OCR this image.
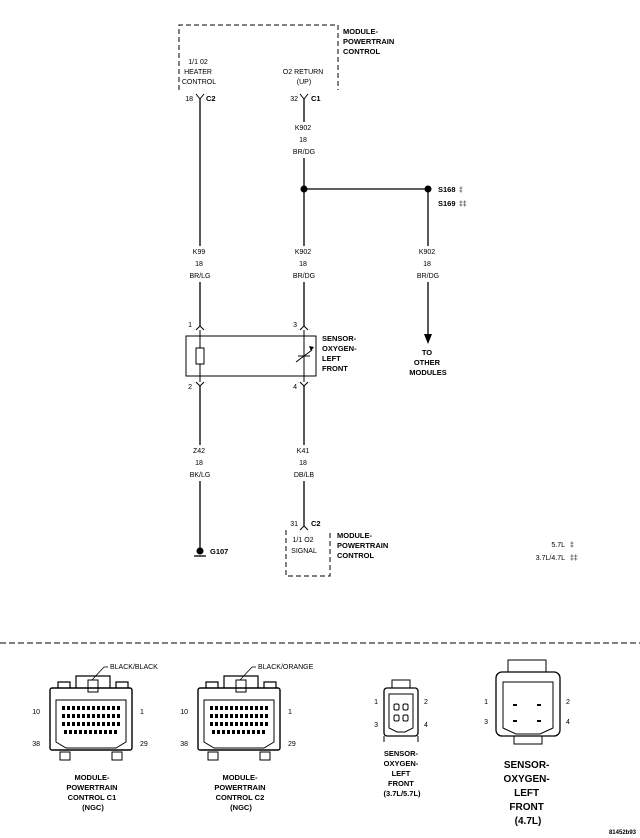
MODULE- POWERTRAIN CONTROL
1/1 02 HEATER CONTROL
O2 RETURN (UP)
18 C2	32 C1
K902 18 BR/DG
K99 18 BR/LG
K902 18 BR/DG
K902 18 BR/DG
Z42 18 BK/LG
K41 18 DB/LB
S168 ‡
S169 ‡‡
TO OTHER MODULES
1	3
2	4
SENSOR- OXYGEN- LEFT FRONT
G107
31 C2
1/1 O2 SIGNAL
MODULE- POWERTRAIN CONTROL
5.7L ‡
3.7L/4.7L ‡‡
BLACK/BLACK
10	1
38	29
MODULE- POWERTRAIN CONTROL C1 (NGC)
BLACK/ORANGE
10	1
38	29
MODULE- POWERTRAIN CONTROL C2 (NGC)
1	2
3	4
SENSOR- OXYGEN- LEFT FRONT (3.7L/5.7L)
1	2
3	4
SENSOR- OXYGEN- LEFT FRONT (4.7L)
81452b93
